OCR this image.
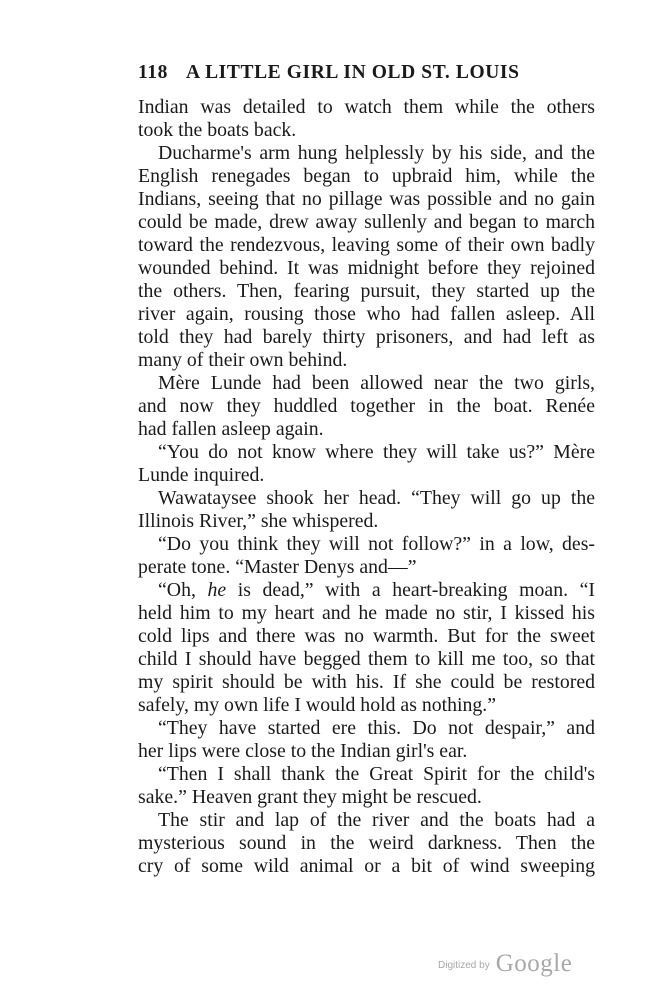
118 A LITTLE GIRL IN OLD ST. LOUIS
Indian was detailed to watch them while the others
took the boats back.
Ducharme's arm hung helplessly by his side, and the
English renegades began to upbraid him, while the
Indians, seeing that no pillage was possible and no gain
could be made, drew away sullenly and began to march
toward the rendezvous, leaving some of their own badly
wounded behind. It was midnight before they rejoined
the others. Then, fearing pursuit, they started up the
river again, rousing those who had fallen asleep. All
told they had barely thirty prisoners, and had left as
many of their own behind.
Mère Lunde had been allowed near the two girls,
and now they huddled together in the boat. Renée
had fallen asleep again.
“You do not know where they will take us?” Mère
Lunde inquired.
Wawataysee shook her head. “They will go up the
Illinois River,” she whispered.
“Do you think they will not follow?” in a low, des-
perate tone. “Master Denys and—”
“Oh, he is dead,” with a heart-breaking moan. “I
held him to my heart and he made no stir, I kissed his
cold lips and there was no warmth. But for the sweet
child I should have begged them to kill me too, so that
my spirit should be with his. If she could be restored
safely, my own life I would hold as nothing.”
“They have started ere this. Do not despair,” and
her lips were close to the Indian girl's ear.
“Then I shall thank the Great Spirit for the child's
sake.” Heaven grant they might be rescued.
The stir and lap of the river and the boats had a
mysterious sound in the weird darkness. Then the
cry of some wild animal or a bit of wind sweeping
Digitized by Google
